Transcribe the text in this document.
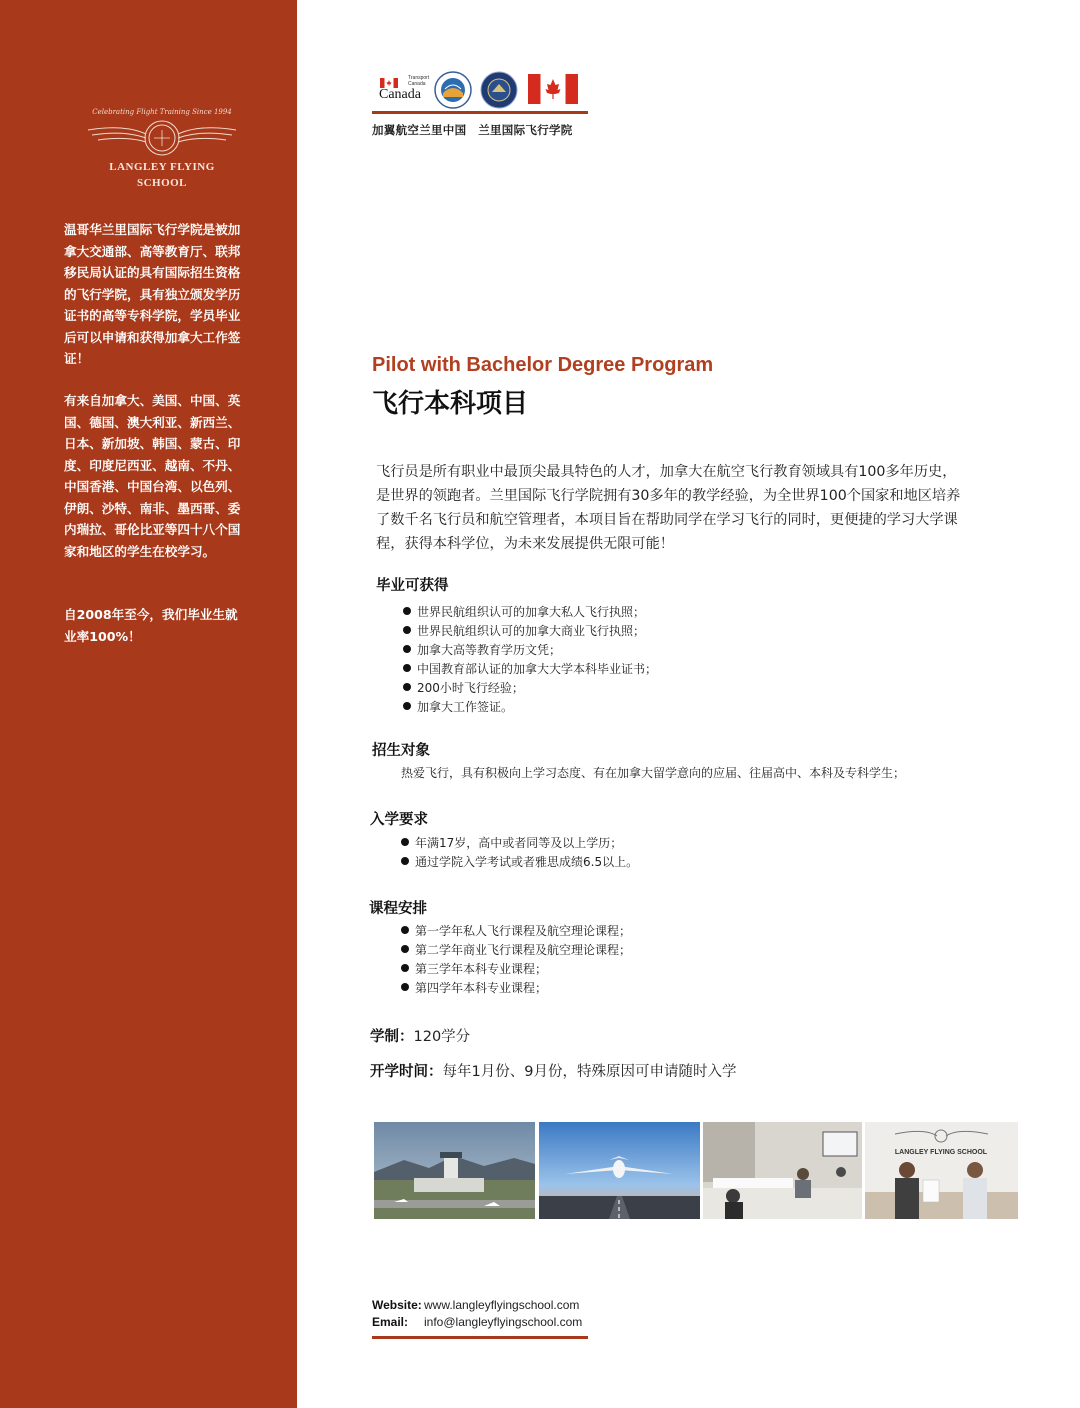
Celebrating Flight Training Since 1994
LANGLEY FLYING
SCHOOL

温哥华兰里国际飞行学院是被加拿大交通部、高等教育厅、联邦移民局认证的具有国际招生资格的飞行学院，具有独立颁发学历证书的高等专科学院，学员毕业后可以申请和获得加拿大工作签证！

有来自加拿大、美国、中国、英国、德国、澳大利亚、新西兰、日本、新加坡、韩国、蒙古、印度、印度尼西亚、越南、不丹、中国香港、中国台湾、以色列、伊朗、沙特、南非、墨西哥、委内瑞拉、哥伦比亚等四十八个国家和地区的学生在校学习。

自2008年至今，我们毕业生就业率100%！

Transport Canada
Canada
加翼航空兰里中国　兰里国际飞行学院
Pilot with Bachelor Degree Program
飞行本科项目

飞行员是所有职业中最顶尖最具特色的人才，加拿大在航空飞行教育领域具有100多年历史，是世界的领跑者。兰里国际飞行学院拥有30多年的教学经验，为全世界100个国家和地区培养了数千名飞行员和航空管理者，本项目旨在帮助同学在学习飞行的同时，更便捷的学习大学课程，获得本科学位，为未来发展提供无限可能！

毕业可获得
世界民航组织认可的加拿大私人飞行执照；
世界民航组织认可的加拿大商业飞行执照；
加拿大高等教育学历文凭；
中国教育部认证的加拿大大学本科毕业证书；
200小时飞行经验；
加拿大工作签证。
招生对象
热爱飞行，具有积极向上学习态度、有在加拿大留学意向的应届、往届高中、本科及专科学生；
入学要求
年满17岁，高中或者同等及以上学历；
通过学院入学考试或者雅思成绩6.5以上。
课程安排
第一学年私人飞行课程及航空理论课程；
第二学年商业飞行课程及航空理论课程；
第三学年本科专业课程；
第四学年本科专业课程；
学制：120学分
开学时间：每年1月份、9月份，特殊原因可申请随时入学
LANGLEY FLYING SCHOOL
Website: www.langleyflyingschool.com
Email: info@langleyflyingschool.com
